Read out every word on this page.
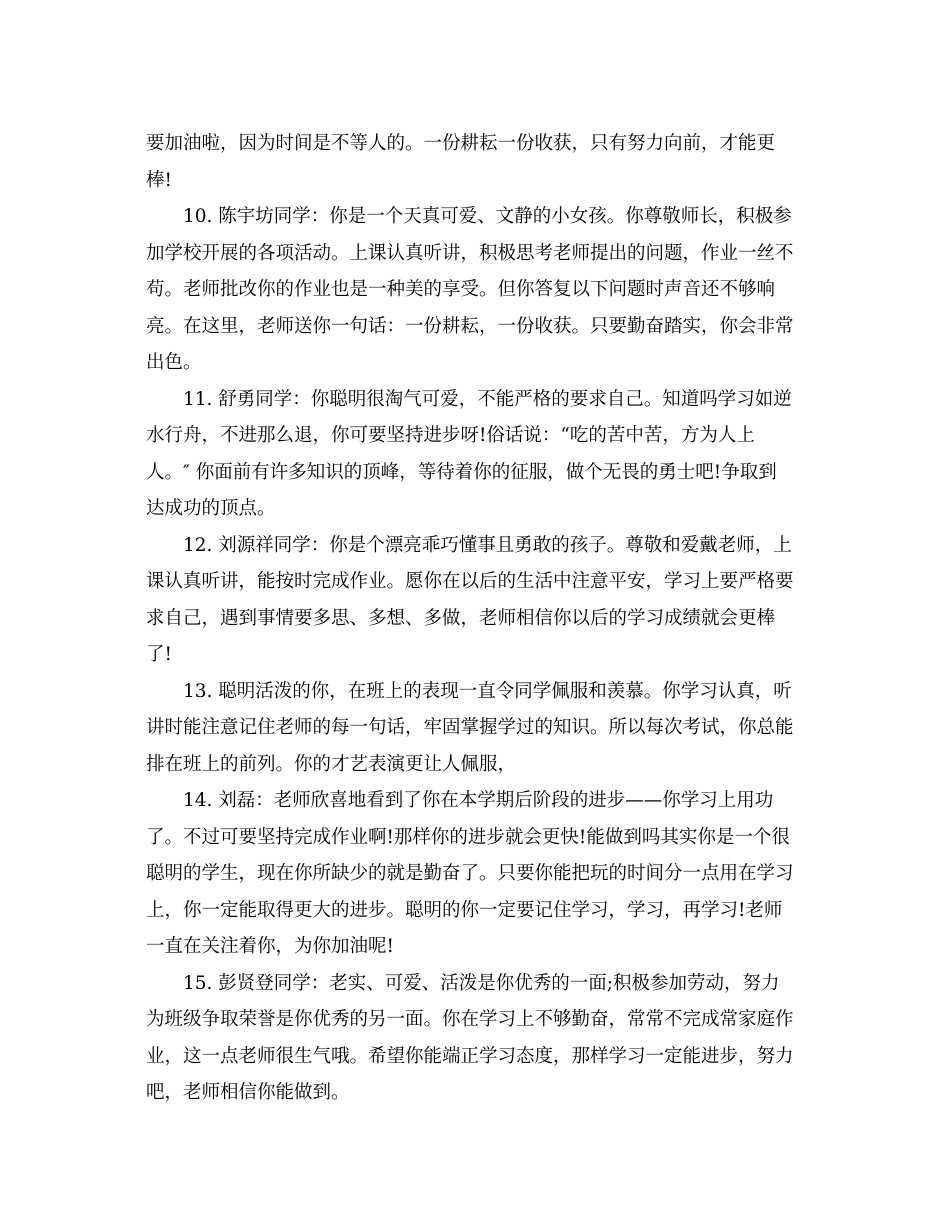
要加油啦，因为时间是不等人的。一份耕耘一份收获，只有努力向前，才能更
棒!
10. 陈宇坊同学：你是一个天真可爱、文静的小女孩。你尊敬师长，积极参
加学校开展的各项活动。上课认真听讲，积极思考老师提出的问题，作业一丝不
苟。老师批改你的作业也是一种美的享受。但你答复以下问题时声音还不够响
亮。在这里，老师送你一句话：一份耕耘，一份收获。只要勤奋踏实，你会非常
出色。
11. 舒勇同学：你聪明很淘气可爱，不能严格的要求自己。知道吗学习如逆
水行舟，不进那么退，你可要坚持进步呀!俗话说：“吃的苦中苦，方为人上
人。″ 你面前有许多知识的顶峰，等待着你的征服，做个无畏的勇士吧!争取到
达成功的顶点。
12. 刘源祥同学：你是个漂亮乖巧懂事且勇敢的孩子。尊敬和爱戴老师，上
课认真听讲，能按时完成作业。愿你在以后的生活中注意平安，学习上要严格要
求自己，遇到事情要多思、多想、多做，老师相信你以后的学习成绩就会更棒
了!
13. 聪明活泼的你，在班上的表现一直令同学佩服和羡慕。你学习认真，听
讲时能注意记住老师的每一句话，牢固掌握学过的知识。所以每次考试，你总能
排在班上的前列。你的才艺表演更让人佩服，
14. 刘磊：老师欣喜地看到了你在本学期后阶段的进步——你学习上用功
了。不过可要坚持完成作业啊!那样你的进步就会更快!能做到吗其实你是一个很
聪明的学生，现在你所缺少的就是勤奋了。只要你能把玩的时间分一点用在学习
上，你一定能取得更大的进步。聪明的你一定要记住学习，学习，再学习!老师
一直在关注着你，为你加油呢!
15. 彭贤登同学：老实、可爱、活泼是你优秀的一面;积极参加劳动，努力
为班级争取荣誉是你优秀的另一面。你在学习上不够勤奋，常常不完成常家庭作
业，这一点老师很生气哦。希望你能端正学习态度，那样学习一定能进步，努力
吧，老师相信你能做到。
